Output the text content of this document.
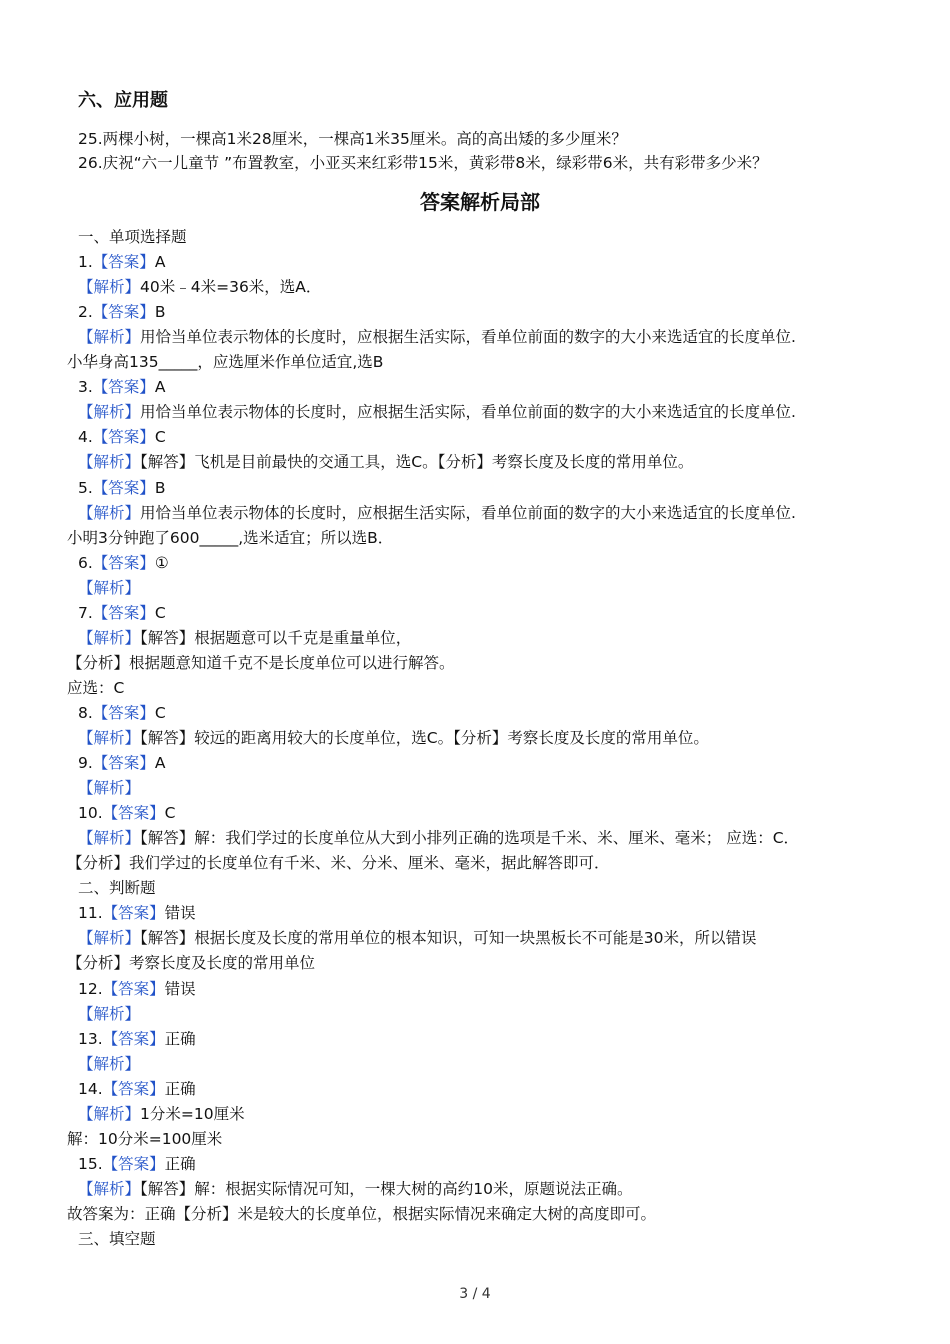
六、应用题
25.两棵小树，一棵高1米28厘米，一棵高1米35厘米。高的高出矮的多少厘米？
26.庆祝“六一儿童节 ”布置教室，小亚买来红彩带15米，黄彩带8米，绿彩带6米，共有彩带多少米？
答案解析局部
一、单项选择题
1.【答案】A
【解析】40米﹣4米=36米，选A．
2.【答案】B
【解析】用恰当单位表示物体的长度时，应根据生活实际，看单位前面的数字的大小来选适宜的长度单位.
小华身高135_____，应选厘米作单位适宜,选B
3.【答案】A
【解析】用恰当单位表示物体的长度时，应根据生活实际，看单位前面的数字的大小来选适宜的长度单位.
4.【答案】C
【解析】【解答】飞机是目前最快的交通工具，选C。【分析】考察长度及长度的常用单位。
5.【答案】B
【解析】用恰当单位表示物体的长度时，应根据生活实际，看单位前面的数字的大小来选适宜的长度单位.
小明3分钟跑了600_____,选米适宜；所以选B．
6.【答案】①
【解析】
7.【答案】C
【解析】【解答】根据题意可以千克是重量单位，
【分析】根据题意知道千克不是长度单位可以进行解答。
应选：C
8.【答案】C
【解析】【解答】较远的距离用较大的长度单位，选C。【分析】考察长度及长度的常用单位。
9.【答案】A
【解析】
10.【答案】C
【解析】【解答】解：我们学过的长度单位从大到小排列正确的选项是千米、米、厘米、毫米； 应选：C．
【分析】我们学过的长度单位有千米、米、分米、厘米、毫米，据此解答即可．
二、判断题
11.【答案】错误
【解析】【解答】根据长度及长度的常用单位的根本知识，可知一块黑板长不可能是30米，所以错误
【分析】考察长度及长度的常用单位
12.【答案】错误
【解析】
13.【答案】正确
【解析】
14.【答案】正确
【解析】1分米=10厘米
解：10分米=100厘米
15.【答案】正确
【解析】【解答】解：根据实际情况可知，一棵大树的高约10米，原题说法正确。
故答案为：正确【分析】米是较大的长度单位，根据实际情况来确定大树的高度即可。
三、填空题
3 / 4
